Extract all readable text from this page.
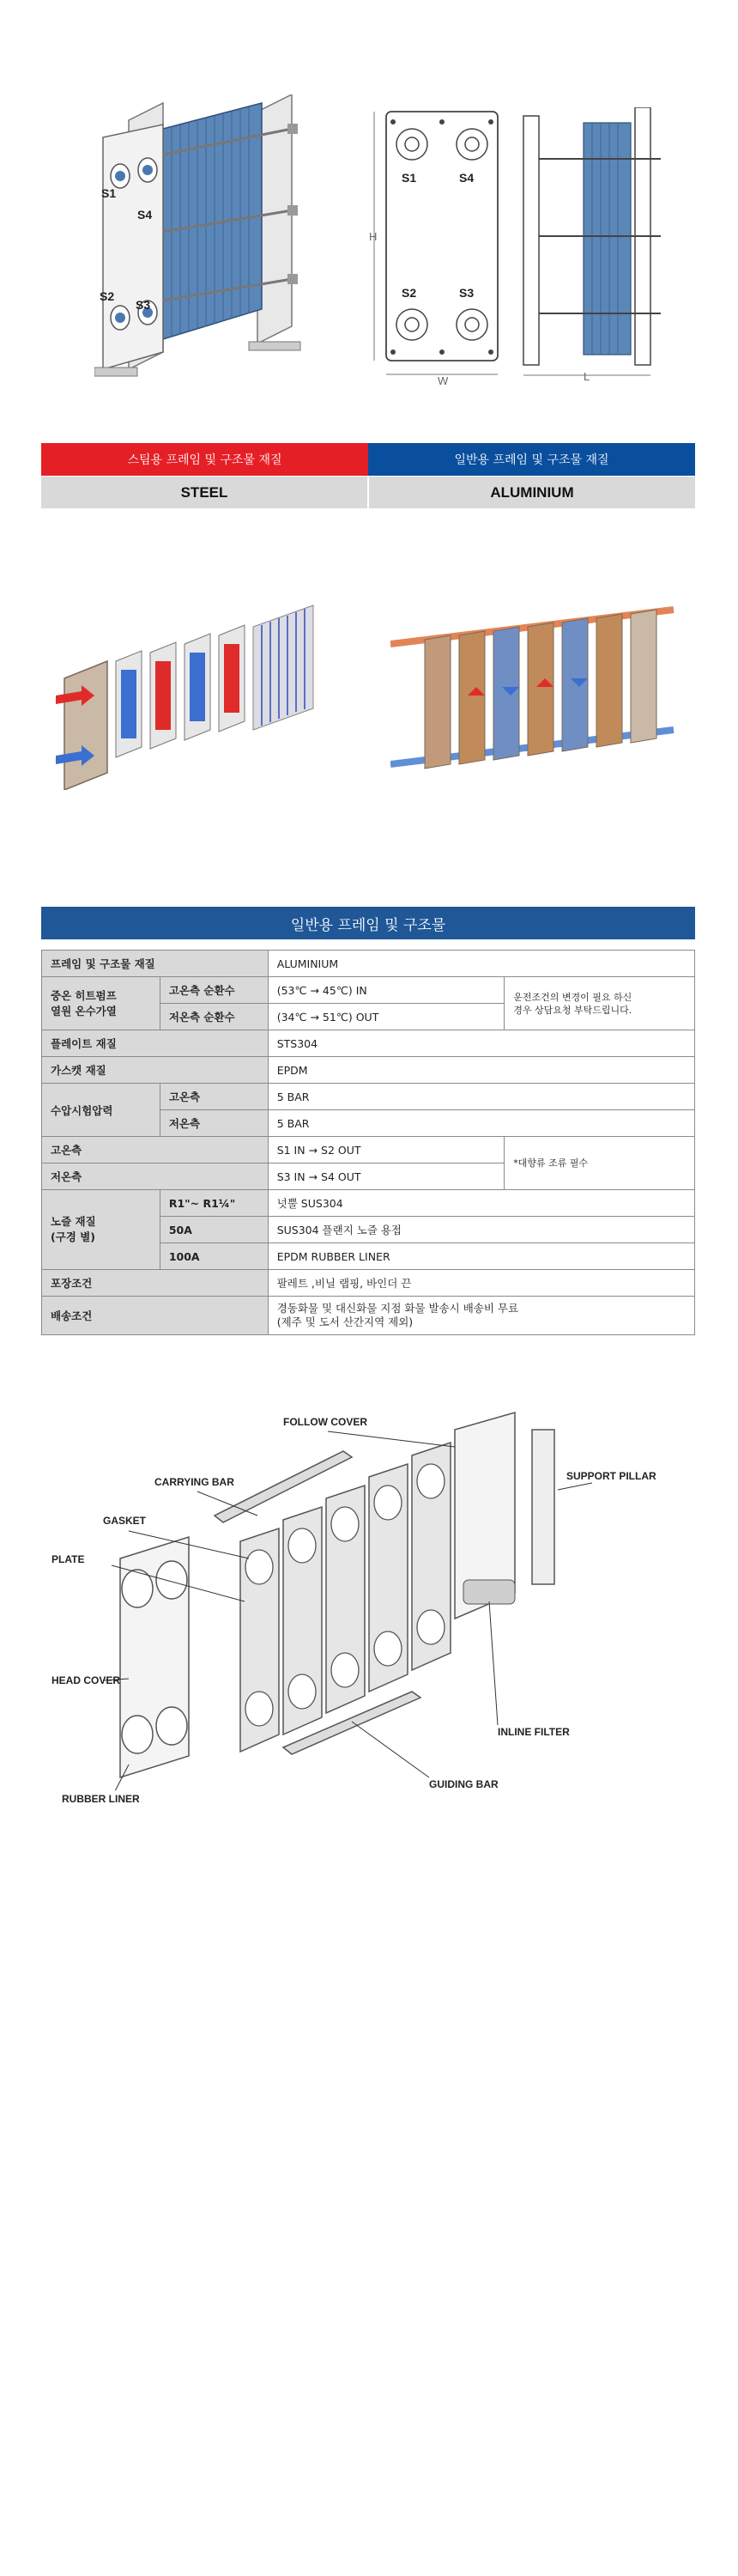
S1
S4
S2
S3
H
W
S1	S4
S2	S3
L
스팀용 프레임 및 구조물 재질	일반용 프레임 및 구조물 재질
STEEL	ALUMINIUM
일반용 프레임 및 구조물
프레임 및 구조물 재질		ALUMINIUM	
중온 히트펌프
열원 온수가열	고온측 순환수	(53℃ → 45℃) IN	운전조건의 변경이 필요 하신
경우 상담요청 부탁드립니다.
	저온측 순환수	(34℃ → 51℃) OUT	
플레이트 재질		STS304	
가스캣 재질		EPDM	
수압시험압력	고온측	5 BAR	
	저온측	5 BAR	
고온측		S1 IN → S2 OUT	*대향류 조류 필수
저온측		S3 IN → S4 OUT	
노즐 재질
(구경 별)	R1"~ R1¼"	넛뿔 SUS304	
	50A	SUS304 플랜지 노즐 용접	
	100A	EPDM RUBBER LINER	
포장조건		팔레트 ,비닐 랩핑, 바인더 끈	
배송조건		경동화물 및 대신화물 지점 화물 발송시 배송비 무료
(제주 및 도서 산간지역 제외)	
FOLLOW COVER
CARRYING BAR	SUPPORT PILLAR
GASKET
PLATE
HEAD COVER
INLINE FILTER
GUIDING BAR
RUBBER LINER
